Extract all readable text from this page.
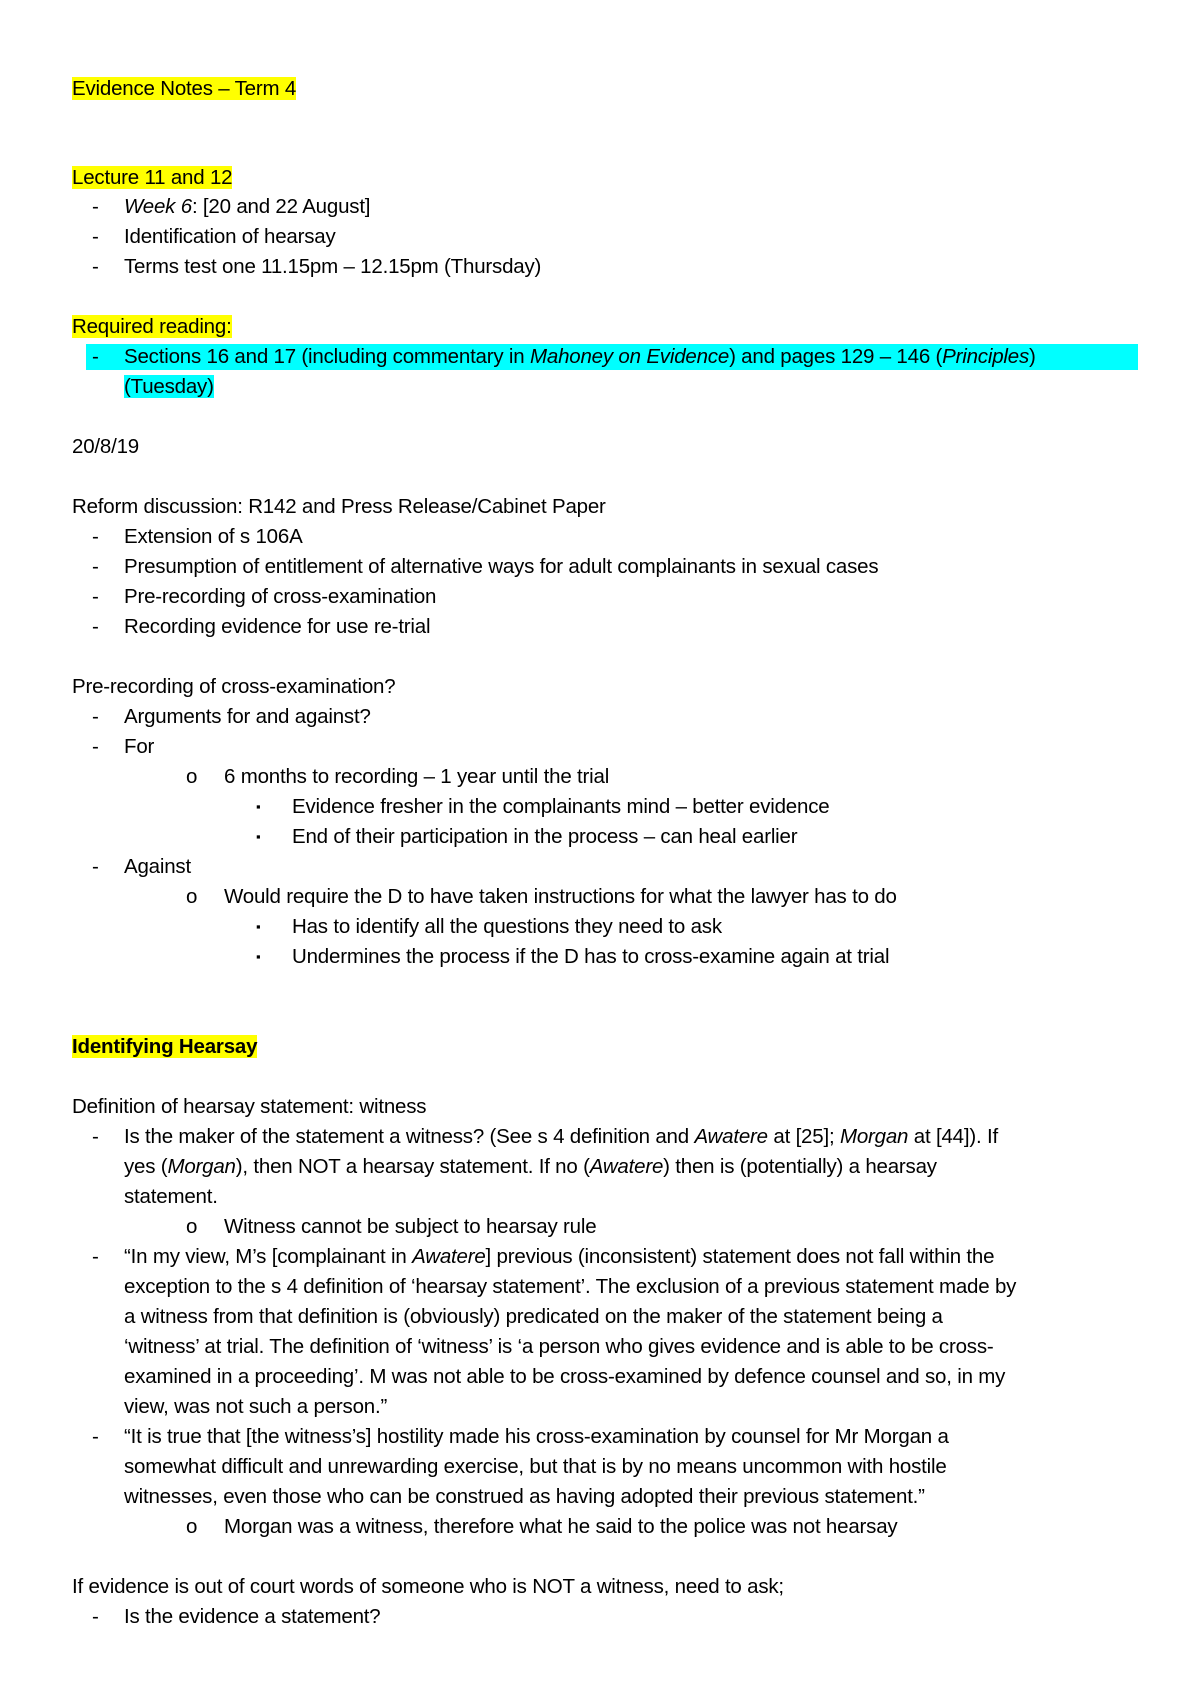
Evidence Notes – Term 4
Lecture 11 and 12
- Week 6: [20 and 22 August]
- Identification of hearsay
- Terms test one 11.15pm – 12.15pm (Thursday)
Required reading:
- Sections 16 and 17 (including commentary in Mahoney on Evidence) and pages 129 – 146 (Principles)
(Tuesday)
20/8/19
Reform discussion: R142 and Press Release/Cabinet Paper
- Extension of s 106A
- Presumption of entitlement of alternative ways for adult complainants in sexual cases
- Pre-recording of cross-examination
- Recording evidence for use re-trial
Pre-recording of cross-examination?
- Arguments for and against?
- For
o 6 months to recording – 1 year until the trial
▪ Evidence fresher in the complainants mind – better evidence
▪ End of their participation in the process – can heal earlier
- Against
o Would require the D to have taken instructions for what the lawyer has to do
▪ Has to identify all the questions they need to ask
▪ Undermines the process if the D has to cross-examine again at trial
Identifying Hearsay
Definition of hearsay statement: witness
- Is the maker of the statement a witness? (See s 4 definition and Awatere at [25]; Morgan at [44]). If
yes (Morgan), then NOT a hearsay statement. If no (Awatere) then is (potentially) a hearsay
statement.
o Witness cannot be subject to hearsay rule
- “In my view, M’s [complainant in Awatere] previous (inconsistent) statement does not fall within the
exception to the s 4 definition of ‘hearsay statement’. The exclusion of a previous statement made by
a witness from that definition is (obviously) predicated on the maker of the statement being a
‘witness’ at trial. The definition of ‘witness’ is ‘a person who gives evidence and is able to be cross-
examined in a proceeding’. M was not able to be cross-examined by defence counsel and so, in my
view, was not such a person.”
- “It is true that [the witness’s] hostility made his cross-examination by counsel for Mr Morgan a
somewhat difficult and unrewarding exercise, but that is by no means uncommon with hostile
witnesses, even those who can be construed as having adopted their previous statement.”
o Morgan was a witness, therefore what he said to the police was not hearsay
If evidence is out of court words of someone who is NOT a witness, need to ask;
- Is the evidence a statement?
